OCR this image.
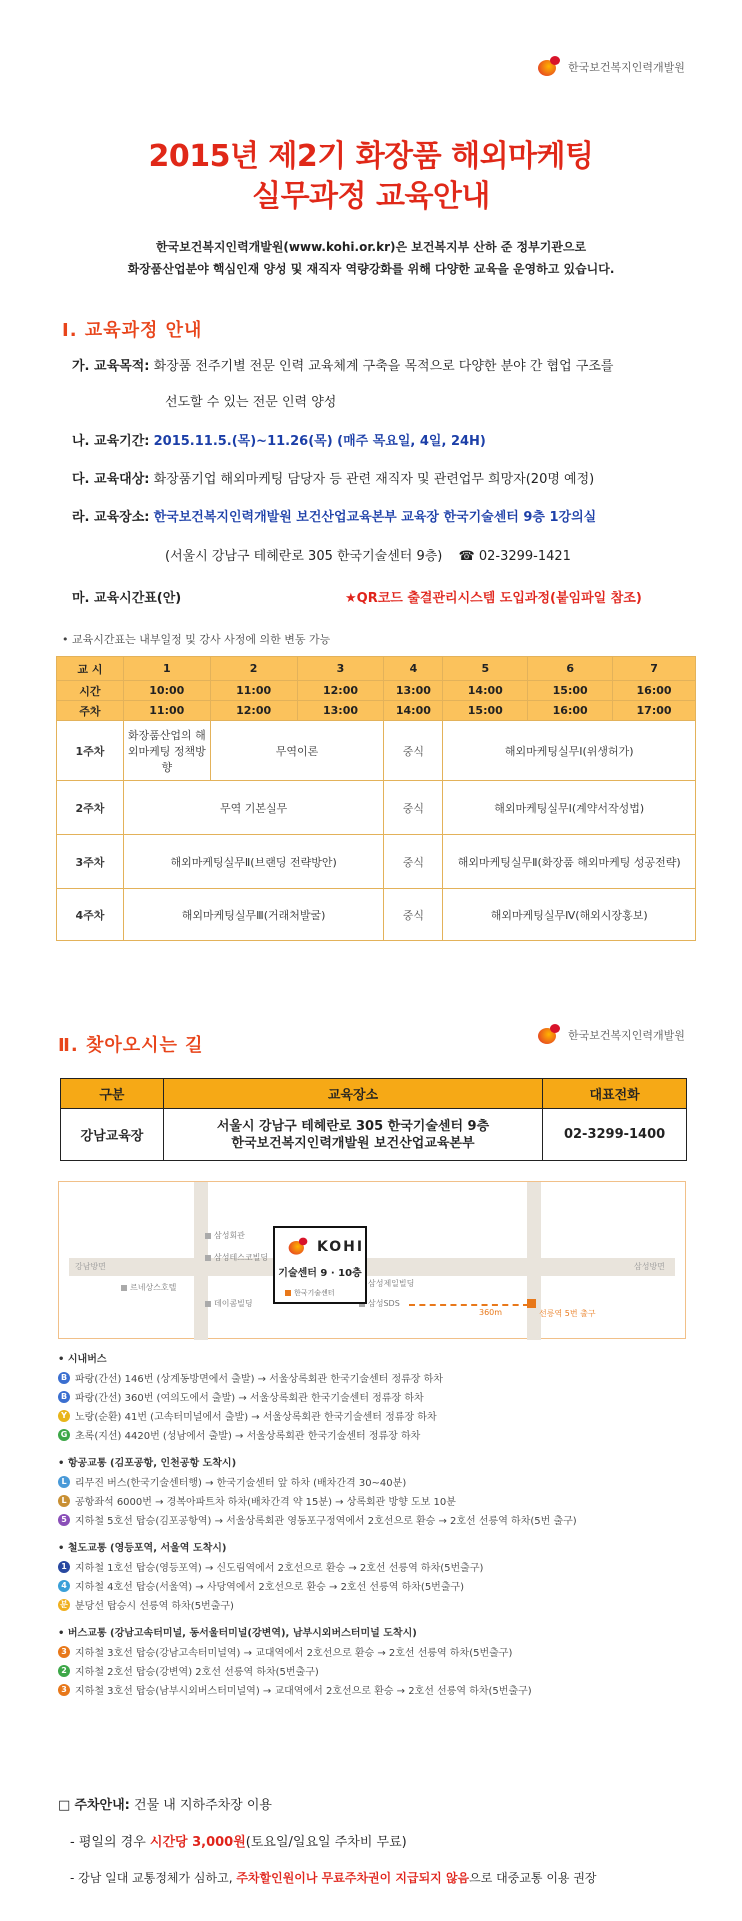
한국보건복지인력개발원
2015년 제2기 화장품 해외마케팅
실무과정 교육안내
한국보건복지인력개발원(www.kohi.or.kr)은 보건복지부 산하 준 정부기관으로
화장품산업분야 핵심인재 양성 및 재직자 역량강화를 위해 다양한 교육을 운영하고 있습니다.
Ⅰ. 교육과정 안내
가. 교육목적: 화장품 전주기별 전문 인력 교육체계 구축을 목적으로 다양한 분야 간 협업 구조를
선도할 수 있는 전문 인력 양성
나. 교육기간: 2015.11.5.(목)~11.26(목) (매주 목요일, 4일, 24H)
다. 교육대상: 화장품기업 해외마케팅 담당자 등 관련 재직자 및 관련업무 희망자(20명 예정)
라. 교육장소: 한국보건복지인력개발원 보건산업교육본부 교육장 한국기술센터 9층 1강의실
(서울시 강남구 테헤란로 305 한국기술센터 9층) ☎ 02-3299-1421
마. 교육시간표(안)	★QR코드 출결관리시스템 도입과정(붙임파일 참조)
• 교육시간표는 내부일정 및 강사 사정에 의한 변동 가능
교 시	1	2	3	4	5	6	7
시간	10:00	11:00	12:00	13:00	14:00	15:00	16:00
주차	11:00	12:00	13:00	14:00	15:00	16:00	17:00
1주차	화장품산업의 해외마케팅 정책방향	무역이론		중식	해외마케팅실무Ⅰ(위생허가)		
2주차	무역 기본실무			중식	해외마케팅실무Ⅰ(계약서작성법)		
3주차	해외마케팅실무Ⅱ(브랜딩 전략방안)			중식	해외마케팅실무Ⅱ(화장품 해외마케팅 성공전략)		
4주차	해외마케팅실무Ⅲ(거래처발굴)			중식	해외마케팅실무Ⅳ(해외시장홍보)		
Ⅱ. 찾아오시는 길	한국보건복지인력개발원
구분	교육장소	대표전화
강남교육장	서울시 강남구 테헤란로 305 한국기술센터 9층
한국보건복지인력개발원 보건산업교육본부	02-3299-1400
강남방면	삼성방면
삼성회관
삼성테스코빌딩
데이콤빌딩
르네상스호텔	삼성제일빌딩
삼성SDS
KOHI
기술센터 9 · 10층
한국기술센터
360m	선릉역 5번 출구
• 시내버스
B 파랑(간선) 146번 (상계동방면에서 출발) → 서울상록회관 한국기술센터 정류장 하차
B 파랑(간선) 360번 (여의도에서 출발) → 서울상록회관 한국기술센터 정류장 하차
Y 노랑(순환) 41번 (고속터미널에서 출발) → 서울상록회관 한국기술센터 정류장 하차
G 초록(지선) 4420번 (성남에서 출발) → 서울상록회관 한국기술센터 정류장 하차
• 항공교통 (김포공항, 인천공항 도착시)
L 리무진 버스(한국기술센터행) → 한국기술센터 앞 하차 (배차간격 30~40분)
L 공항좌석 6000번 → 경복아파트차 하차(배차간격 약 15분) → 상록회관 방향 도보 10분
5 지하철 5호선 탑승(김포공항역) → 서울상록회관 영동포구정역에서 2호선으로 환승 → 2호선 선릉역 하차(5번 출구)
• 철도교통 (영등포역, 서울역 도착시)
1 지하철 1호선 탑승(영등포역) → 신도림역에서 2호선으로 환승 → 2호선 선릉역 하차(5번출구)
4 지하철 4호선 탑승(서울역) → 사당역에서 2호선으로 환승 → 2호선 선릉역 하차(5번출구)
분 분당선 탑승시 선릉역 하차(5번출구)
• 버스교통 (강남고속터미널, 동서울터미널(강변역), 남부시외버스터미널 도착시)
3 지하철 3호선 탑승(강남고속터미널역) → 교대역에서 2호선으로 환승 → 2호선 선릉역 하차(5번출구)
2 지하철 2호선 탑승(강변역) 2호선 선릉역 하차(5번출구)
3 지하철 3호선 탑승(남부시외버스터미널역) → 교대역에서 2호선으로 환승 → 2호선 선릉역 하차(5번출구)
□ 주차안내: 건물 내 지하주차장 이용
- 평일의 경우 시간당 3,000원(토요일/일요일 주차비 무료)
- 강남 일대 교통정체가 심하고, 주차할인원이나 무료주차권이 지급되지 않음으로 대중교통 이용 권장
